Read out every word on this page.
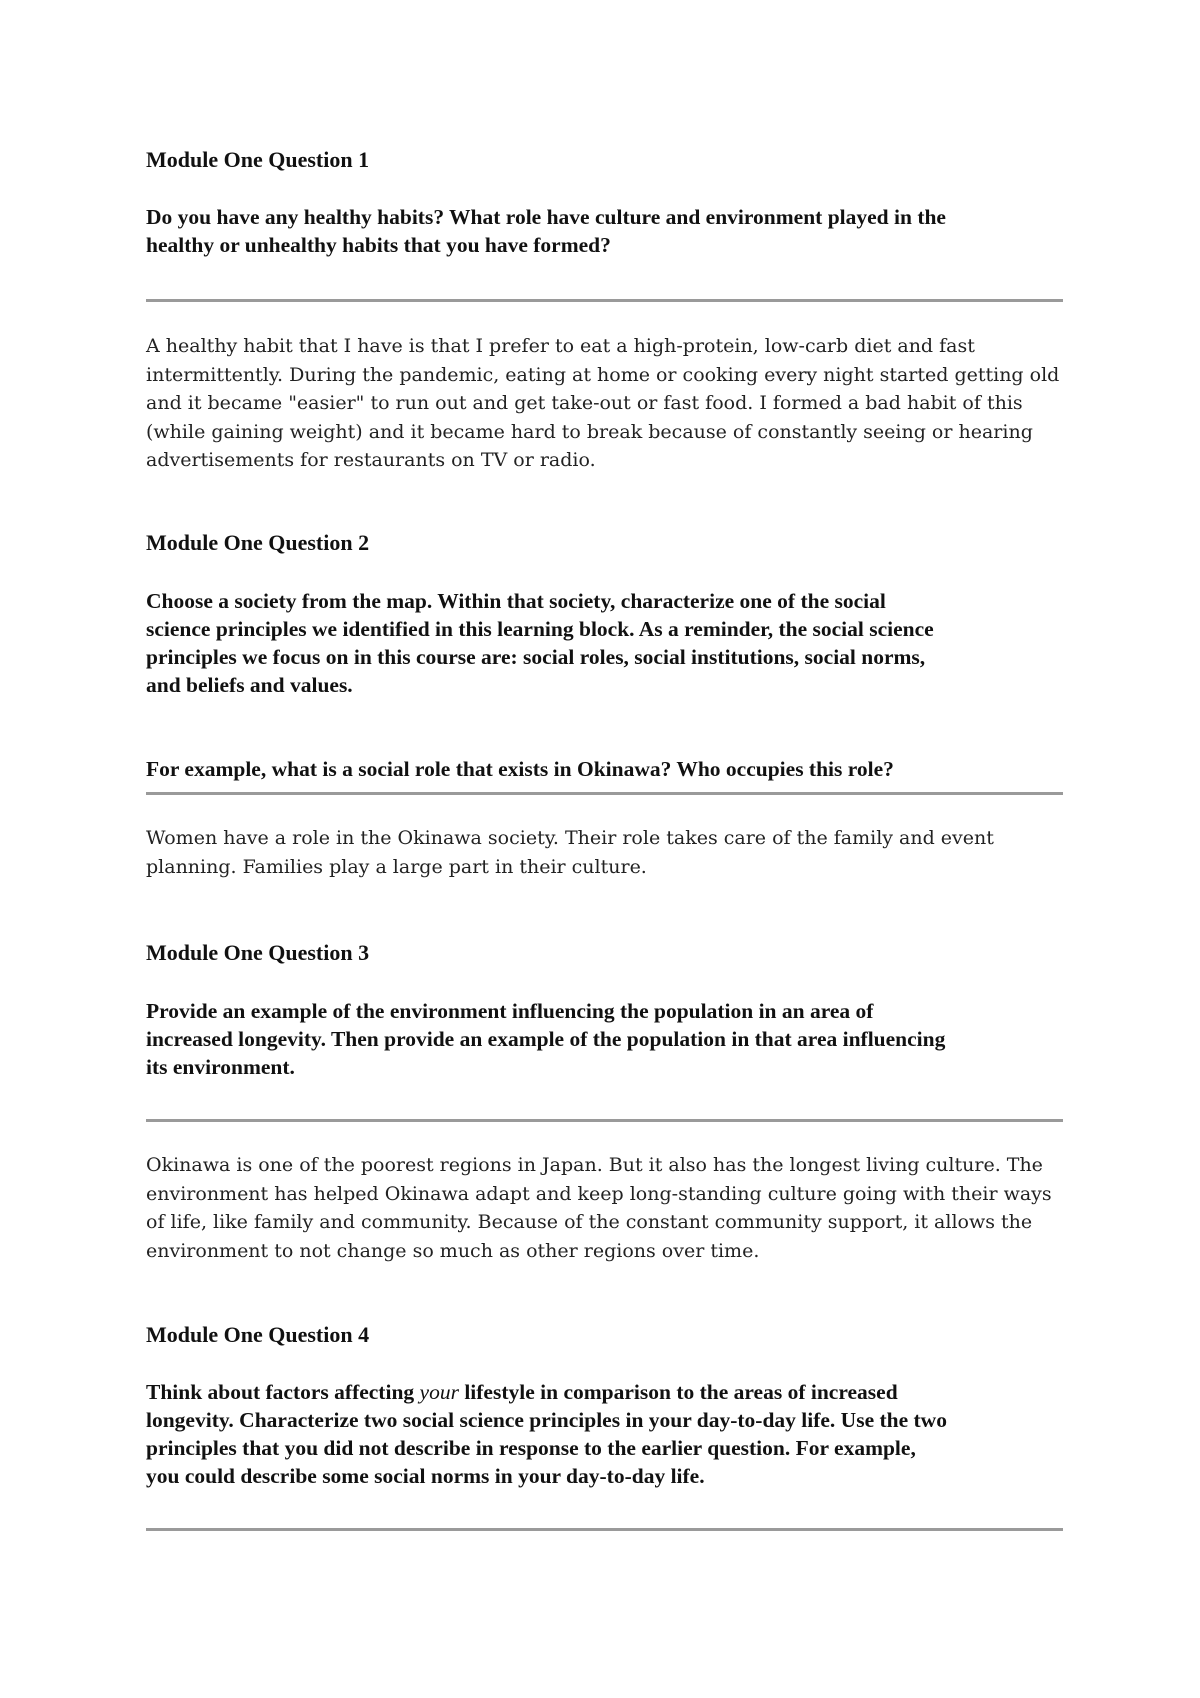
Module One Question 1

Do you have any healthy habits? What role have culture and environment played in the
healthy or unhealthy habits that you have formed?

A healthy habit that I have is that I prefer to eat a high-protein, low-carb diet and fast
intermittently. During the pandemic, eating at home or cooking every night started getting old
and it became "easier" to run out and get take-out or fast food. I formed a bad habit of this
(while gaining weight) and it became hard to break because of constantly seeing or hearing
advertisements for restaurants on TV or radio.

Module One Question 2

Choose a society from the map. Within that society, characterize one of the social
science principles we identified in this learning block. As a reminder, the social science
principles we focus on in this course are: social roles, social institutions, social norms,
and beliefs and values.

For example, what is a social role that exists in Okinawa? Who occupies this role?

Women have a role in the Okinawa society. Their role takes care of the family and event
planning. Families play a large part in their culture.

Module One Question 3

Provide an example of the environment influencing the population in an area of
increased longevity. Then provide an example of the population in that area influencing
its environment.

Okinawa is one of the poorest regions in Japan. But it also has the longest living culture. The
environment has helped Okinawa adapt and keep long-standing culture going with their ways
of life, like family and community. Because of the constant community support, it allows the
environment to not change so much as other regions over time.

Module One Question 4

Think about factors affecting your lifestyle in comparison to the areas of increased
longevity. Characterize two social science principles in your day-to-day life. Use the two
principles that you did not describe in response to the earlier question. For example,
you could describe some social norms in your day-to-day life.
